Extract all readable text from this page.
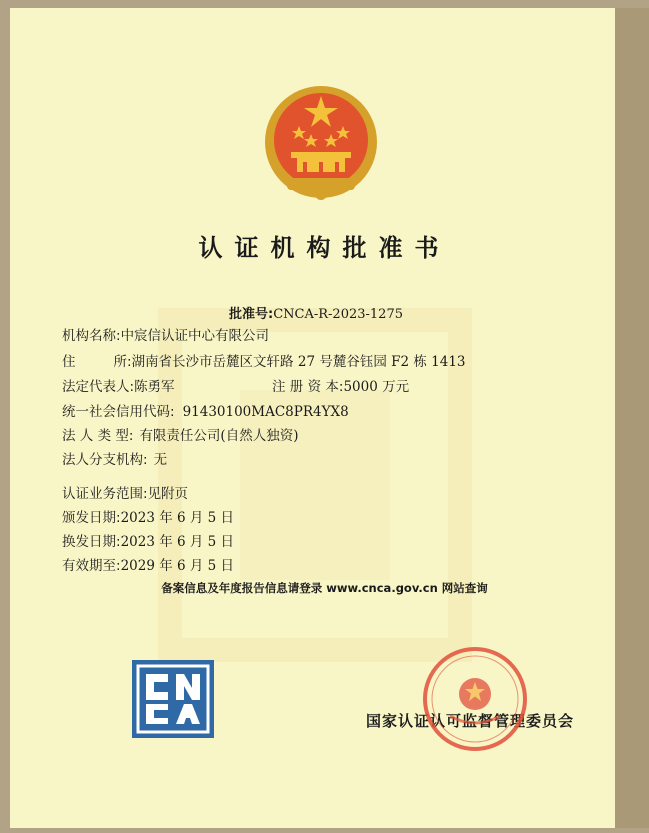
认证机构批准书
批准号:CNCA-R-2023-1275
机构名称:中宸信认证中心有限公司
住	所:湖南省长沙市岳麓区文轩路 27 号麓谷钰园 F2 栋 1413
法定代表人:陈勇军	注 册 资 本:5000 万元
统一社会信用代码: 91430100MAC8PR4YX8
法 人 类 型: 有限责任公司(自然人独资)
法人分支机构: 无
认证业务范围:见附页
颁发日期:2023 年 6 月 5 日
换发日期:2023 年 6 月 5 日
有效期至:2029 年 6 月 5 日
备案信息及年度报告信息请登录 www.cnca.gov.cn 网站查询
国家认证认可监督管理委员会
